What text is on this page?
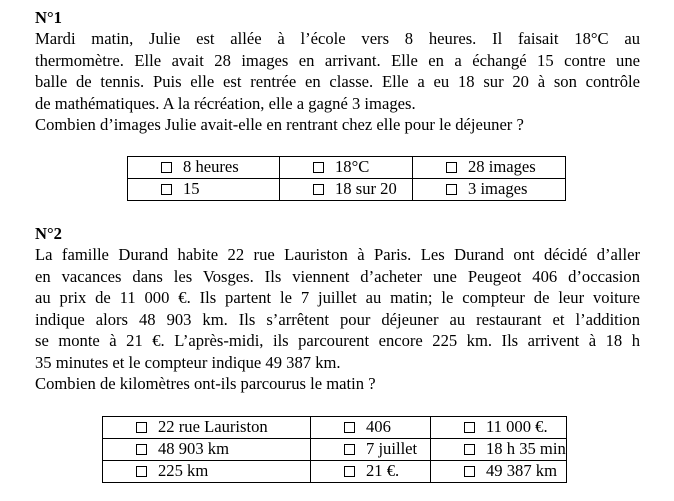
N°1
Mardi matin, Julie est allée à l’école vers 8 heures. Il faisait 18°C au
thermomètre. Elle avait 28 images en arrivant. Elle en a échangé 15 contre une
balle de tennis. Puis elle est rentrée en classe. Elle a eu 18 sur 20 à son contrôle
de mathématiques. A la récréation, elle a gagné 3 images.
Combien d’images Julie avait-elle en rentrant chez elle pour le déjeuner ?
8 heures	18°C	28 images

15	18 sur 20	3 images
N°2
La famille Durand habite 22 rue Lauriston à Paris. Les Durand ont décidé d’aller
en vacances dans les Vosges. Ils viennent d’acheter une Peugeot 406 d’occasion
au prix de 11 000 €. Ils partent le 7 juillet au matin; le compteur de leur voiture
indique alors 48 903 km. Ils s’arrêtent pour déjeuner au restaurant et l’addition
se monte à 21 €. L’après-midi, ils parcourent encore 225 km. Ils arrivent à 18 h
35 minutes et le compteur indique 49 387 km.
Combien de kilomètres ont-ils parcourus le matin ?
22 rue Lauriston	406	11 000 €.

48 903 km	7 juillet	18 h 35 min

225 km	21 €.	49 387 km
